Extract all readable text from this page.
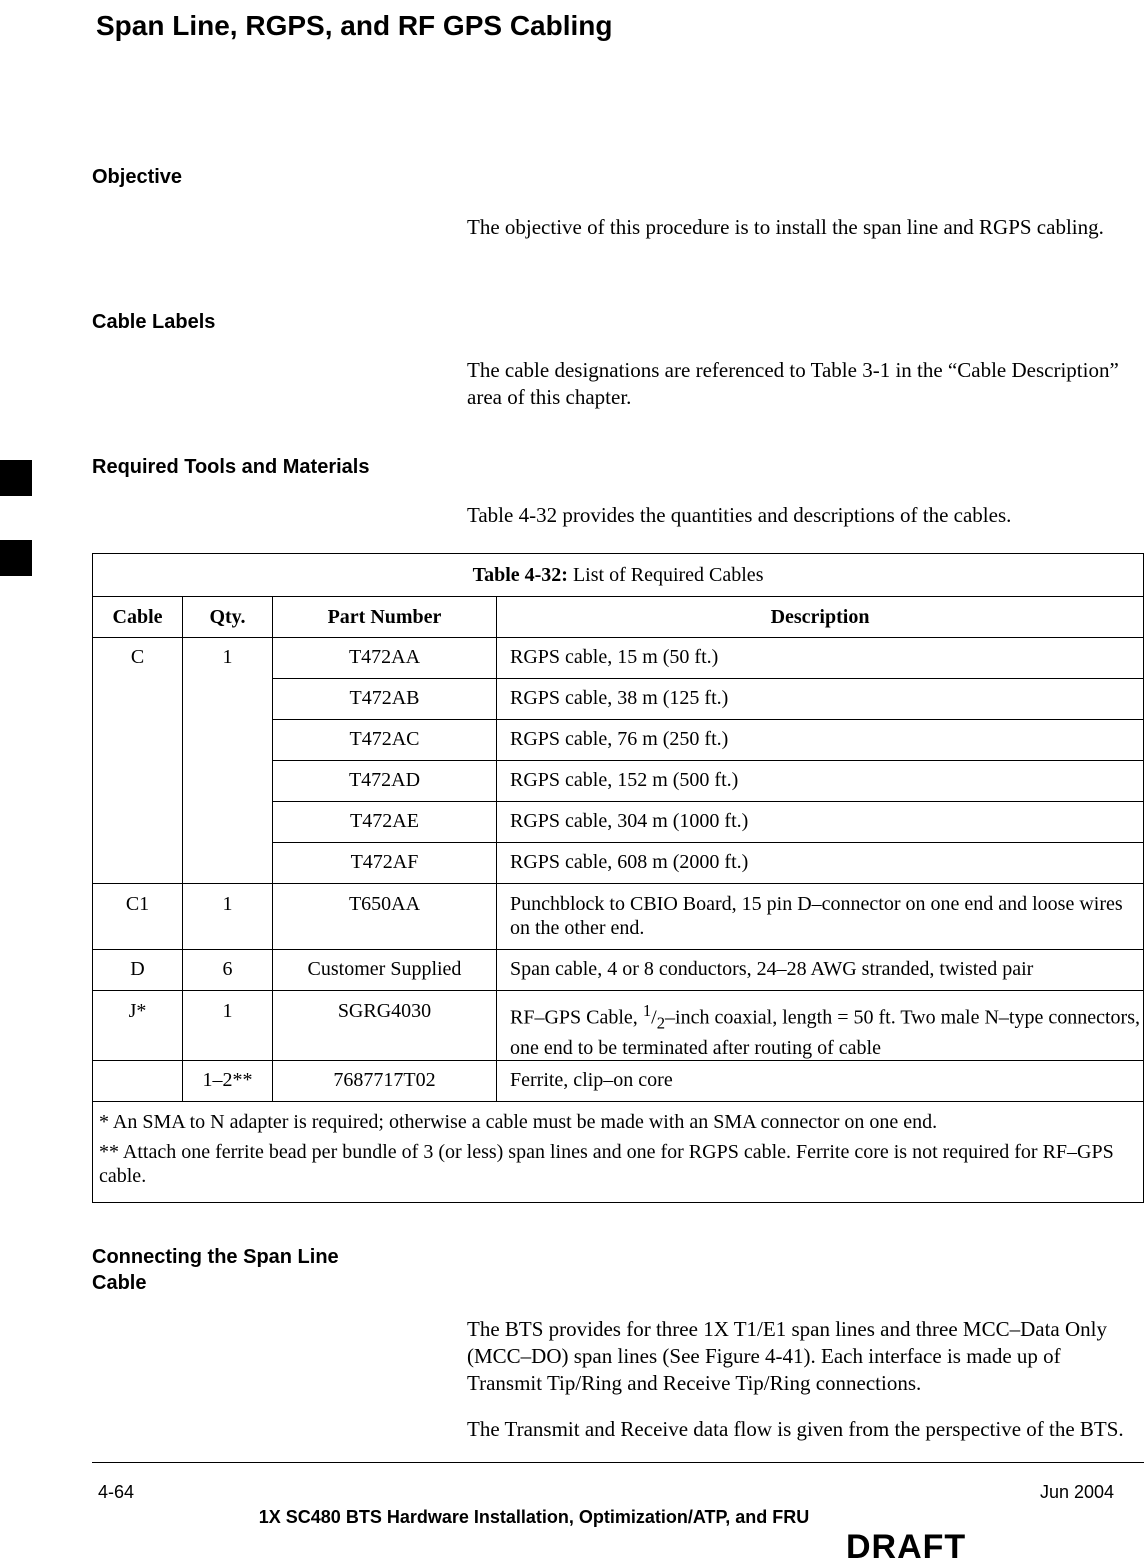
Span Line, RGPS, and RF GPS Cabling
Objective
The objective of this procedure is to install the span line and RGPS cabling.
Cable Labels
The cable designations are referenced to Table 3-1 in the “Cable Description” area of this chapter.
Required Tools and Materials
Table 4-32 provides the quantities and descriptions of the cables.
4
Table 4-32: List of Required Cables			
Cable	Qty.	Part Number	Description
C	1	T472AA	RGPS cable, 15 m (50 ft.)
		T472AB	RGPS cable, 38 m (125 ft.)
		T472AC	RGPS cable, 76 m (250 ft.)
		T472AD	RGPS cable, 152 m (500 ft.)
		T472AE	RGPS cable, 304 m (1000 ft.)
		T472AF	RGPS cable, 608 m (2000 ft.)
C1	1	T650AA	Punchblock to CBIO Board, 15 pin D–connector on one end and loose wires on the other end.
D	6	Customer Supplied	Span cable, 4 or 8 conductors, 24–28 AWG stranded, twisted pair
J*	1	SGRG4030	RF–GPS Cable, $^1/_2$–inch coaxial, length = 50 ft. Two male N–type connectors, one end to be terminated after routing of cable
	1–2**	7687717T02	Ferrite, clip–on core

* An SMA to N adapter is required; otherwise a cable must be made with an SMA connector on one end.

** Attach one ferrite bead per bundle of 3 (or less) span lines and one for RGPS cable. Ferrite core is not required for RF–GPS cable.			

Connecting the Span Line Cable
The BTS provides for three 1X T1/E1 span lines and three MCC–Data Only (MCC–DO) span lines (See Figure 4-41). Each interface is made up of Transmit Tip/Ring and Receive Tip/Ring connections.
The Transmit and Receive data flow is given from the perspective of the BTS.
4-64
1X SC480 BTS Hardware Installation, Optimization/ATP, and FRU
Jun 2004
DRAFT
